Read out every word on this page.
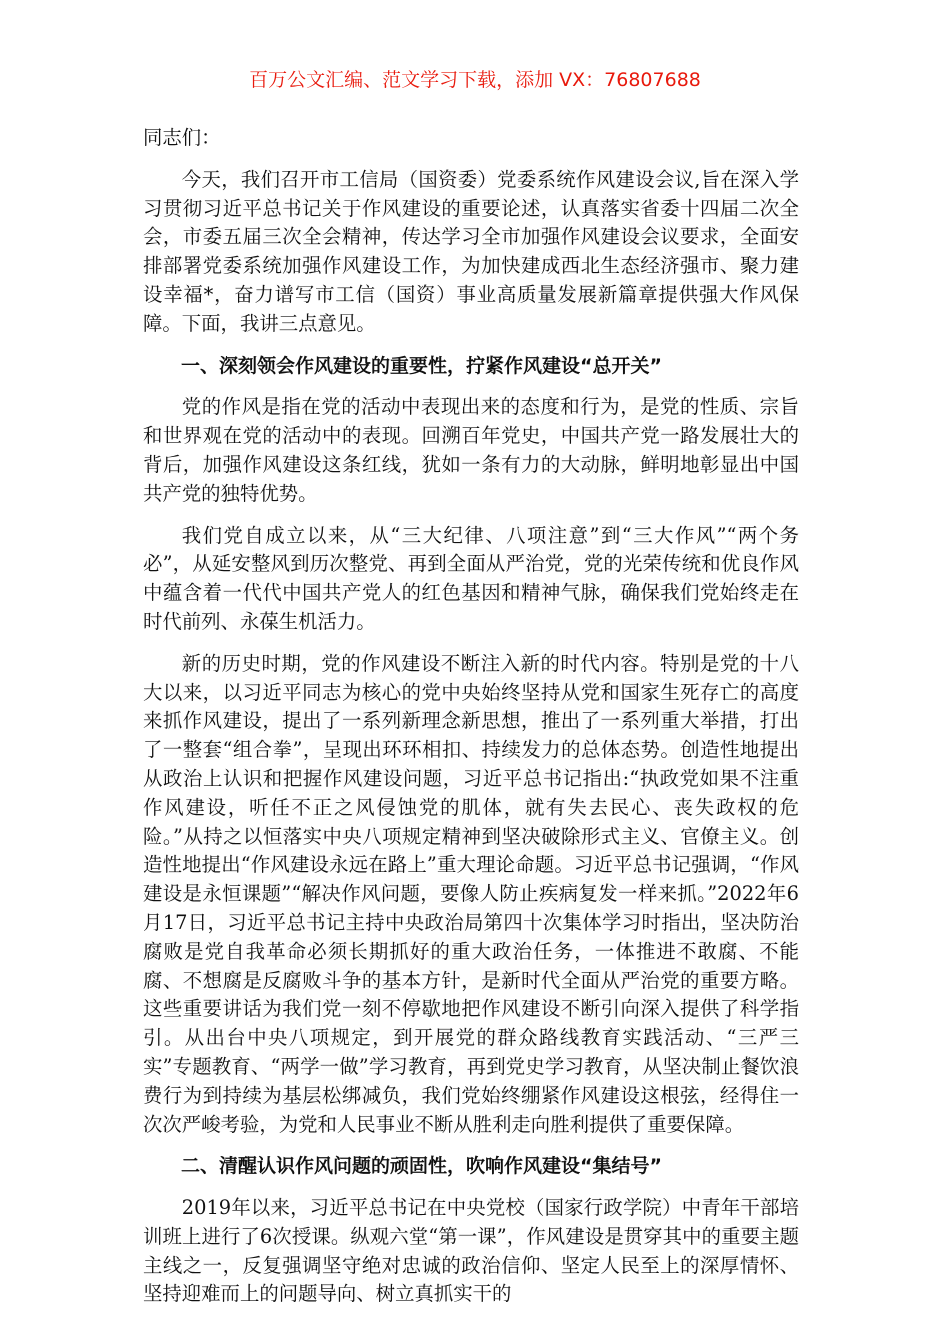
百万公文汇编、范文学习下载，添加 VX：76807688

同志们：

今天，我们召开市工信局（国资委）党委系统作风建设会议,旨在深入学习贯彻习近平总书记关于作风建设的重要论述，认真落实省委十四届二次全会，市委五届三次全会精神，传达学习全市加强作风建设会议要求，全面安排部署党委系统加强作风建设工作，为加快建成西北生态经济强市、聚力建设幸福*，奋力谱写市工信（国资）事业高质量发展新篇章提供强大作风保障。下面，我讲三点意见。

一、深刻领会作风建设的重要性，拧紧作风建设“总开关”

党的作风是指在党的活动中表现出来的态度和行为，是党的性质、宗旨和世界观在党的活动中的表现。回溯百年党史，中国共产党一路发展壮大的背后，加强作风建设这条红线，犹如一条有力的大动脉，鲜明地彰显出中国共产党的独特优势。

我们党自成立以来，从“三大纪律、八项注意”到“三大作风”“两个务必”，从延安整风到历次整党、再到全面从严治党，党的光荣传统和优良作风中蕴含着一代代中国共产党人的红色基因和精神气脉，确保我们党始终走在时代前列、永葆生机活力。

新的历史时期，党的作风建设不断注入新的时代内容。特别是党的十八大以来，以习近平同志为核心的党中央始终坚持从党和国家生死存亡的高度来抓作风建设，提出了一系列新理念新思想，推出了一系列重大举措，打出了一整套“组合拳”，呈现出环环相扣、持续发力的总体态势。创造性地提出从政治上认识和把握作风建设问题，习近平总书记指出:“执政党如果不注重作风建设，听任不正之风侵蚀党的肌体，就有失去民心、丧失政权的危险。”从持之以恒落实中央八项规定精神到坚决破除形式主义、官僚主义。创造性地提出“作风建设永远在路上”重大理论命题。习近平总书记强调，“作风建设是永恒课题”“解决作风问题，要像人防止疾病复发一样来抓。”2022年6月17日，习近平总书记主持中央政治局第四十次集体学习时指出，坚决防治腐败是党自我革命必须长期抓好的重大政治任务，一体推进不敢腐、不能腐、不想腐是反腐败斗争的基本方针，是新时代全面从严治党的重要方略。这些重要讲话为我们党一刻不停歇地把作风建设不断引向深入提供了科学指引。从出台中央八项规定，到开展党的群众路线教育实践活动、“三严三实”专题教育、“两学一做”学习教育，再到党史学习教育，从坚决制止餐饮浪费行为到持续为基层松绑减负，我们党始终绷紧作风建设这根弦，经得住一次次严峻考验，为党和人民事业不断从胜利走向胜利提供了重要保障。

二、清醒认识作风问题的顽固性，吹响作风建设“集结号”

2019年以来，习近平总书记在中央党校（国家行政学院）中青年干部培训班上进行了6次授课。纵观六堂“第一课”，作风建设是贯穿其中的重要主题主线之一，反复强调坚守绝对忠诚的政治信仰、坚定人民至上的深厚情怀、坚持迎难而上的问题导向、树立真抓实干的
